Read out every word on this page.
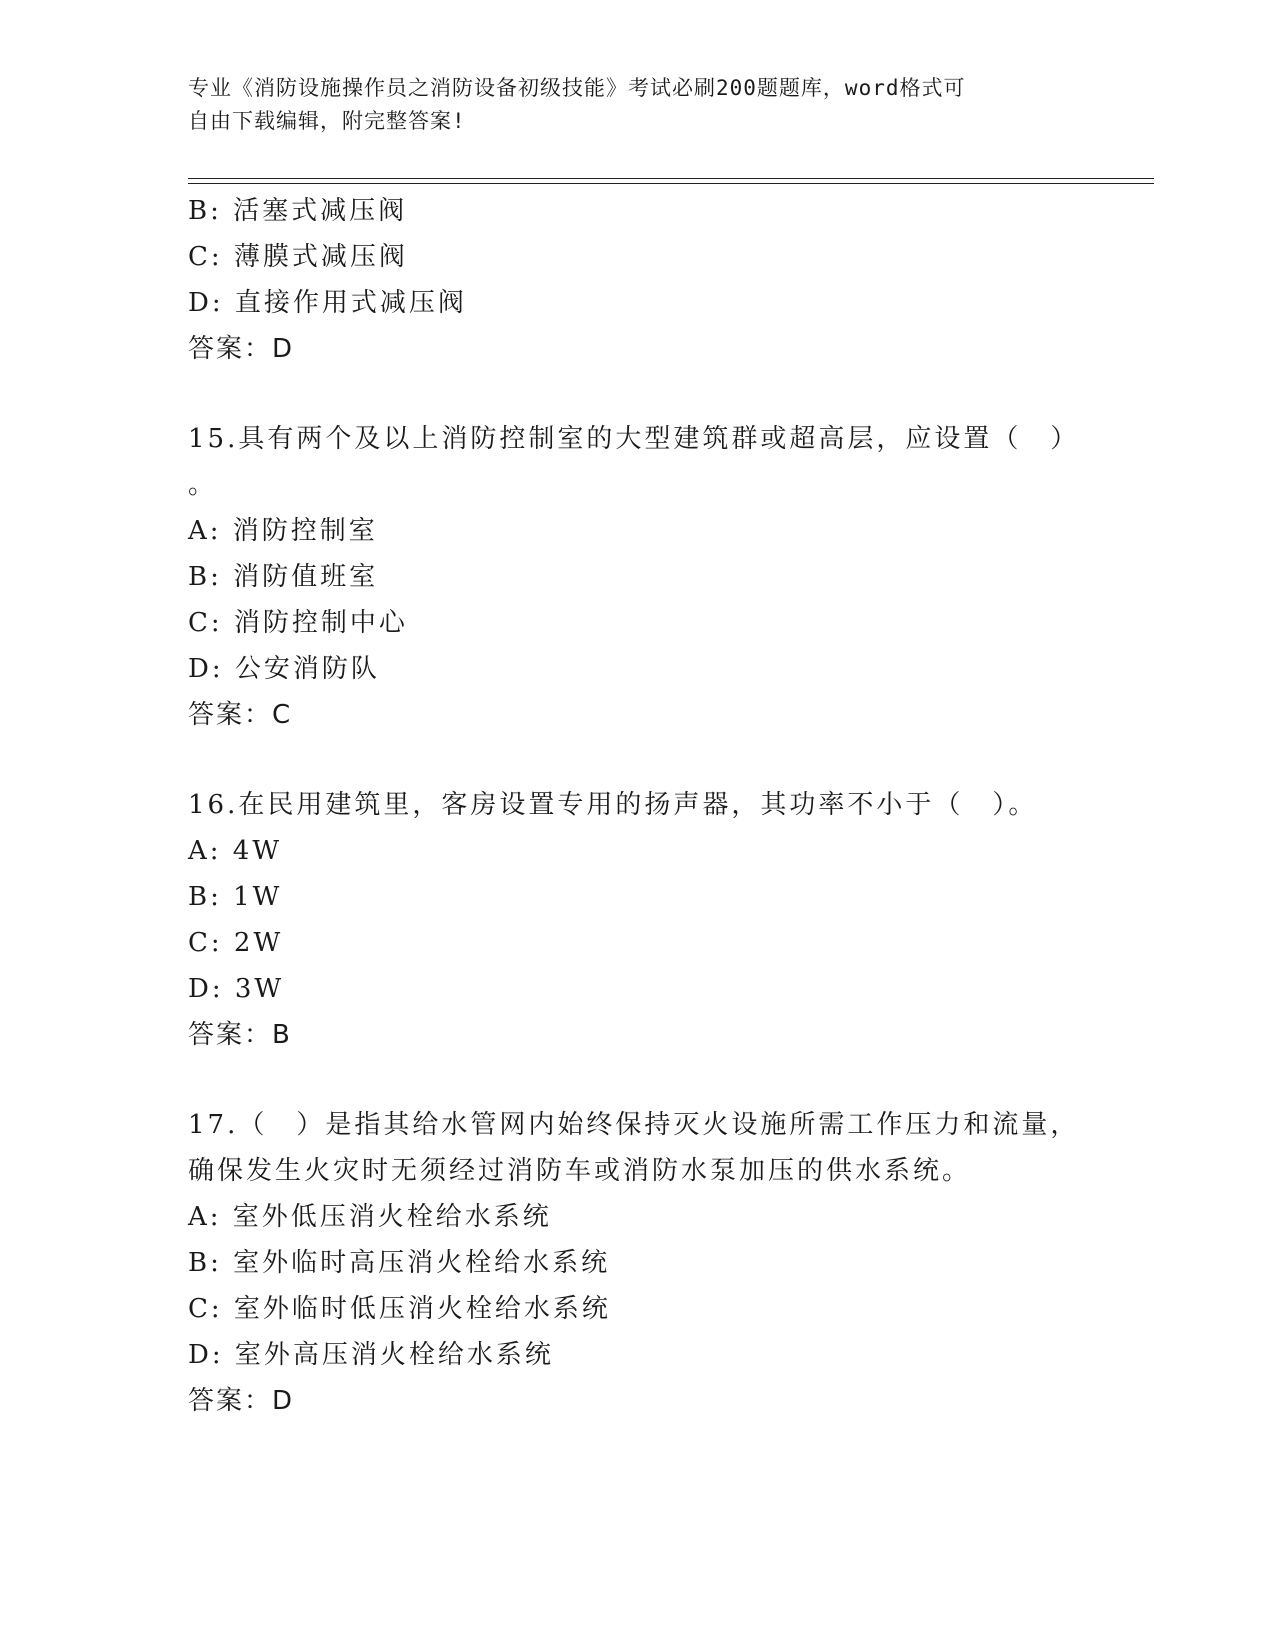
专业《消防设施操作员之消防设备初级技能》考试必刷200题题库，word格式可
自由下载编辑，附完整答案!
B: 活塞式减压阀
C: 薄膜式减压阀
D: 直接作用式减压阀
答案：D
15.具有两个及以上消防控制室的大型建筑群或超高层，应设置（　）
。
A: 消防控制室
B: 消防值班室
C: 消防控制中心
D: 公安消防队
答案：C
16.在民用建筑里，客房设置专用的扬声器，其功率不小于（　）。
A: 4W
B: 1W
C: 2W
D: 3W
答案：B
17.（　）是指其给水管网内始终保持灭火设施所需工作压力和流量，
确保发生火灾时无须经过消防车或消防水泵加压的供水系统。
A: 室外低压消火栓给水系统
B: 室外临时高压消火栓给水系统
C: 室外临时低压消火栓给水系统
D: 室外高压消火栓给水系统
答案：D
